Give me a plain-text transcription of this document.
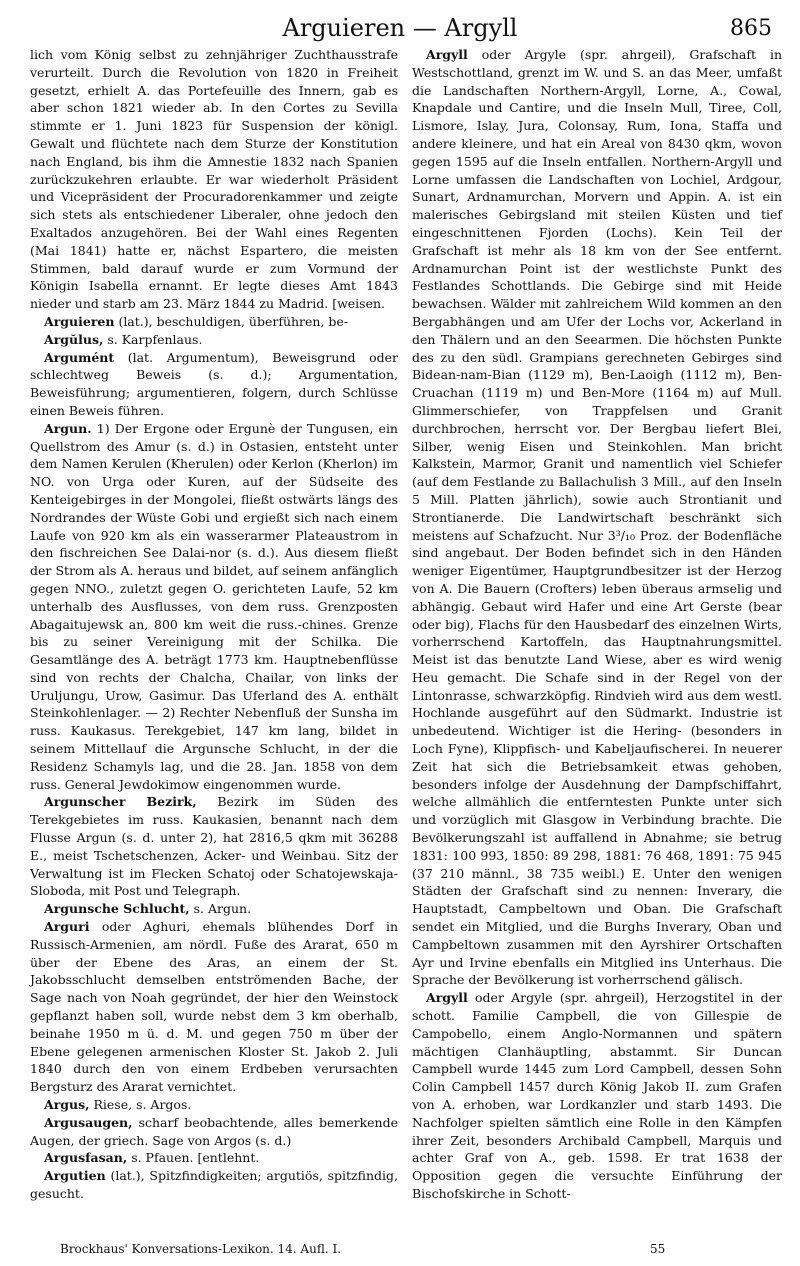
Arguieren — Argyll	865

lich vom König selbst zu zehnjähriger Zuchthausstrafe verurteilt. Durch die Revolution von 1820 in Freiheit gesetzt, erhielt A. das Portefeuille des Innern, gab es aber schon 1821 wieder ab. In den Cortes zu Sevilla stimmte er 1. Juni 1823 für Suspension der königl. Gewalt und flüchtete nach dem Sturze der Konstitution nach England, bis ihm die Amnestie 1832 nach Spanien zurückzukehren erlaubte. Er war wiederholt Präsident und Vicepräsident der Procuradorenkammer und zeigte sich stets als entschiedener Liberaler, ohne jedoch den Exaltados anzugehören. Bei der Wahl eines Regenten (Mai 1841) hatte er, nächst Espartero, die meisten Stimmen, bald darauf wurde er zum Vormund der Königin Isabella ernannt. Er legte dieses Amt 1843 nieder und starb am 23. März 1844 zu Madrid. [weisen.

Arguieren (lat.), beschuldigen, überführen, be-

Argŭlus, s. Karpfenlaus.

Argumént (lat. Argumentum), Beweisgrund oder schlechtweg Beweis (s. d.); Argumentation, Beweisführung; argumentieren, folgern, durch Schlüsse einen Beweis führen.

Argun. 1) Der Ergone oder Ergunè der Tungusen, ein Quellstrom des Amur (s. d.) in Ostasien, entsteht unter dem Namen Kerulen (Kherulen) oder Kerlon (Kherlon) im NO. von Urga oder Kuren, auf der Südseite des Kenteigebirges in der Mongolei, fließt ostwärts längs des Nordrandes der Wüste Gobi und ergießt sich nach einem Laufe von 920 km als ein wasserarmer Plateaustrom in den fischreichen See Dalai-nor (s. d.). Aus diesem fließt der Strom als A. heraus und bildet, auf seinem anfänglich gegen NNO., zuletzt gegen O. gerichteten Laufe, 52 km unterhalb des Ausflusses, von dem russ. Grenzposten Abagaitujewsk an, 800 km weit die russ.-chines. Grenze bis zu seiner Vereinigung mit der Schilka. Die Gesamtlänge des A. beträgt 1773 km. Hauptnebenflüsse sind von rechts der Chalcha, Chailar, von links der Uruljungu, Urow, Gasimur. Das Uferland des A. enthält Steinkohlenlager. — 2) Rechter Nebenfluß der Sunsha im russ. Kaukasus. Terekgebiet, 147 km lang, bildet in seinem Mittellauf die Argunsche Schlucht, in der die Residenz Schamyls lag, und die 28. Jan. 1858 von dem russ. General Jewdokimow eingenommen wurde.

Argunscher Bezirk, Bezirk im Süden des Terekgebietes im russ. Kaukasien, benannt nach dem Flusse Argun (s. d. unter 2), hat 2816,5 qkm mit 36288 E., meist Tschetschenzen, Acker- und Weinbau. Sitz der Verwaltung ist im Flecken Schatoj oder Schatojewskaja-Sloboda, mit Post und Telegraph.

Argunsche Schlucht, s. Argun.

Arguri oder Aghuri, ehemals blühendes Dorf in Russisch-Armenien, am nördl. Fuße des Ararat, 650 m über der Ebene des Aras, an einem der St. Jakobsschlucht demselben entströmenden Bache, der Sage nach von Noah gegründet, der hier den Weinstock gepflanzt haben soll, wurde nebst dem 3 km oberhalb, beinahe 1950 m ü. d. M. und gegen 750 m über der Ebene gelegenen armenischen Kloster St. Jakob 2. Juli 1840 durch den von einem Erdbeben verursachten Bergsturz des Ararat vernichtet.

Argus, Riese, s. Argos.

Argusaugen, scharf beobachtende, alles bemerkende Augen, der griech. Sage von Argos (s. d.)

Argusfasan, s. Pfauen. [entlehnt.

Argutien (lat.), Spitzfindigkeiten; argutiös, spitzfindig, gesucht.

Argyll oder Argyle (spr. ahrgeil), Grafschaft in Westschottland, grenzt im W. und S. an das Meer, umfaßt die Landschaften Northern-Argyll, Lorne, A., Cowal, Knapdale und Cantire, und die Inseln Mull, Tiree, Coll, Lismore, Islay, Jura, Colonsay, Rum, Iona, Staffa und andere kleinere, und hat ein Areal von 8430 qkm, wovon gegen 1595 auf die Inseln entfallen. Northern-Argyll und Lorne umfassen die Landschaften von Lochiel, Ardgour, Sunart, Ardnamurchan, Morvern und Appin. A. ist ein malerisches Gebirgsland mit steilen Küsten und tief eingeschnittenen Fjorden (Lochs). Kein Teil der Grafschaft ist mehr als 18 km von der See entfernt. Ardnamurchan Point ist der westlichste Punkt des Festlandes Schottlands. Die Gebirge sind mit Heide bewachsen. Wälder mit zahlreichem Wild kommen an den Bergabhängen und am Ufer der Lochs vor, Ackerland in den Thälern und an den Seearmen. Die höchsten Punkte des zu den südl. Grampians gerechneten Gebirges sind Bidean-nam-Bian (1129 m), Ben-Laoigh (1112 m), Ben-Cruachan (1119 m) und Ben-More (1164 m) auf Mull. Glimmerschiefer, von Trappfelsen und Granit durchbrochen, herrscht vor. Der Bergbau liefert Blei, Silber, wenig Eisen und Steinkohlen. Man bricht Kalkstein, Marmor, Granit und namentlich viel Schiefer (auf dem Festlande zu Ballachulish 3 Mill., auf den Inseln 5 Mill. Platten jährlich), sowie auch Strontianit und Strontianerde. Die Landwirtschaft beschränkt sich meistens auf Schafzucht. Nur 3³/₁₀ Proz. der Bodenfläche sind angebaut. Der Boden befindet sich in den Händen weniger Eigentümer, Hauptgrundbesitzer ist der Herzog von A. Die Bauern (Crofters) leben überaus armselig und abhängig. Gebaut wird Hafer und eine Art Gerste (bear oder big), Flachs für den Hausbedarf des einzelnen Wirts, vorherrschend Kartoffeln, das Hauptnahrungsmittel. Meist ist das benutzte Land Wiese, aber es wird wenig Heu gemacht. Die Schafe sind in der Regel von der Lintonrasse, schwarzköpfig. Rindvieh wird aus dem westl. Hochlande ausgeführt auf den Südmarkt. Industrie ist unbedeutend. Wichtiger ist die Hering- (besonders in Loch Fyne), Klippfisch- und Kabeljaufischerei. In neuerer Zeit hat sich die Betriebsamkeit etwas gehoben, besonders infolge der Ausdehnung der Dampfschiffahrt, welche allmählich die entferntesten Punkte unter sich und vorzüglich mit Glasgow in Verbindung brachte. Die Bevölkerungszahl ist auffallend in Abnahme; sie betrug 1831: 100 993, 1850: 89 298, 1881: 76 468, 1891: 75 945 (37 210 männl., 38 735 weibl.) E. Unter den wenigen Städten der Grafschaft sind zu nennen: Inverary, die Hauptstadt, Campbeltown und Oban. Die Grafschaft sendet ein Mitglied, und die Burghs Inverary, Oban und Campbeltown zusammen mit den Ayrshirer Ortschaften Ayr und Irvine ebenfalls ein Mitglied ins Unterhaus. Die Sprache der Bevölkerung ist vorherrschend gälisch.

Argyll oder Argyle (spr. ahrgeil), Herzogstitel in der schott. Familie Campbell, die von Gillespie de Campobello, einem Anglo-Normannen und spätern mächtigen Clanhäuptling, abstammt. Sir Duncan Campbell wurde 1445 zum Lord Campbell, dessen Sohn Colin Campbell 1457 durch König Jakob II. zum Grafen von A. erhoben, war Lordkanzler und starb 1493. Die Nachfolger spielten sämtlich eine Rolle in den Kämpfen ihrer Zeit, besonders Archibald Campbell, Marquis und achter Graf von A., geb. 1598. Er trat 1638 der Opposition gegen die versuchte Einführung der Bischofskirche in Schott-

Brockhaus' Konversations-Lexikon. 14. Aufl. I.	55
